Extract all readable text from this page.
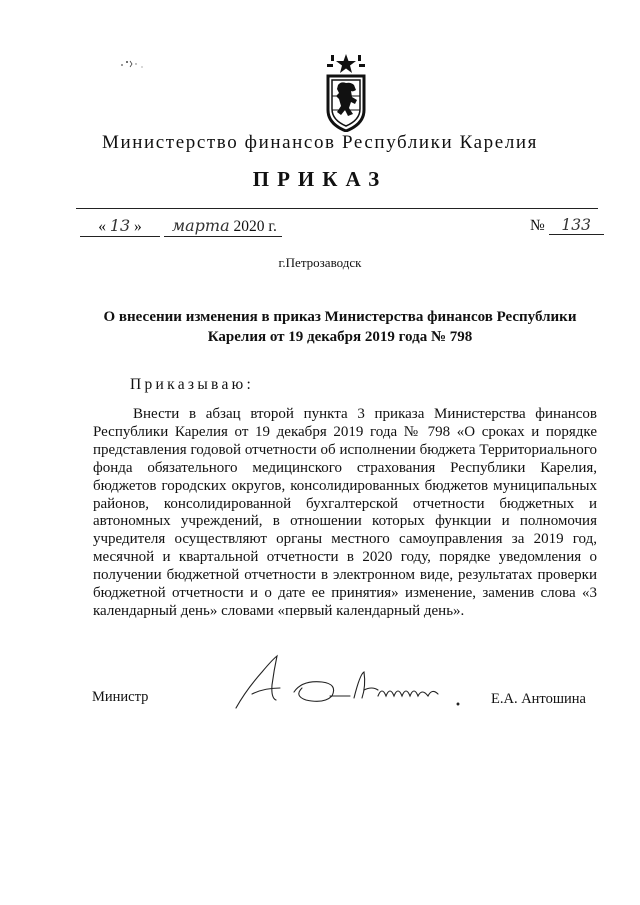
Министерство финансов Республики Карелия
ПРИКАЗ
« 13 » марта 2020 г.	№ 133
г.Петрозаводск
О внесении изменения в приказ Министерства финансов Республики Карелия от 19 декабря 2019 года № 798
Приказываю:
Внести в абзац второй пункта 3 приказа Министерства финансов Республики Карелия от 19 декабря 2019 года № 798 «О сроках и порядке представления годовой отчетности об исполнении бюджета Территориального фонда обязательного медицинского страхования Республики Карелия, бюджетов городских округов, консолидированных бюджетов муниципальных районов, консолидированной бухгалтерской отчетности бюджетных и автономных учреждений, в отношении которых функции и полномочия учредителя осуществляют органы местного самоуправления за 2019 год, месячной и квартальной отчетности в 2020 году, порядке уведомления о получении бюджетной отчетности в электронном виде, результатах проверки бюджетной отчетности и о дате ее принятия» изменение, заменив слова «3 календарный день» словами «первый календарный день».
Министр	Е.А. Антошина
